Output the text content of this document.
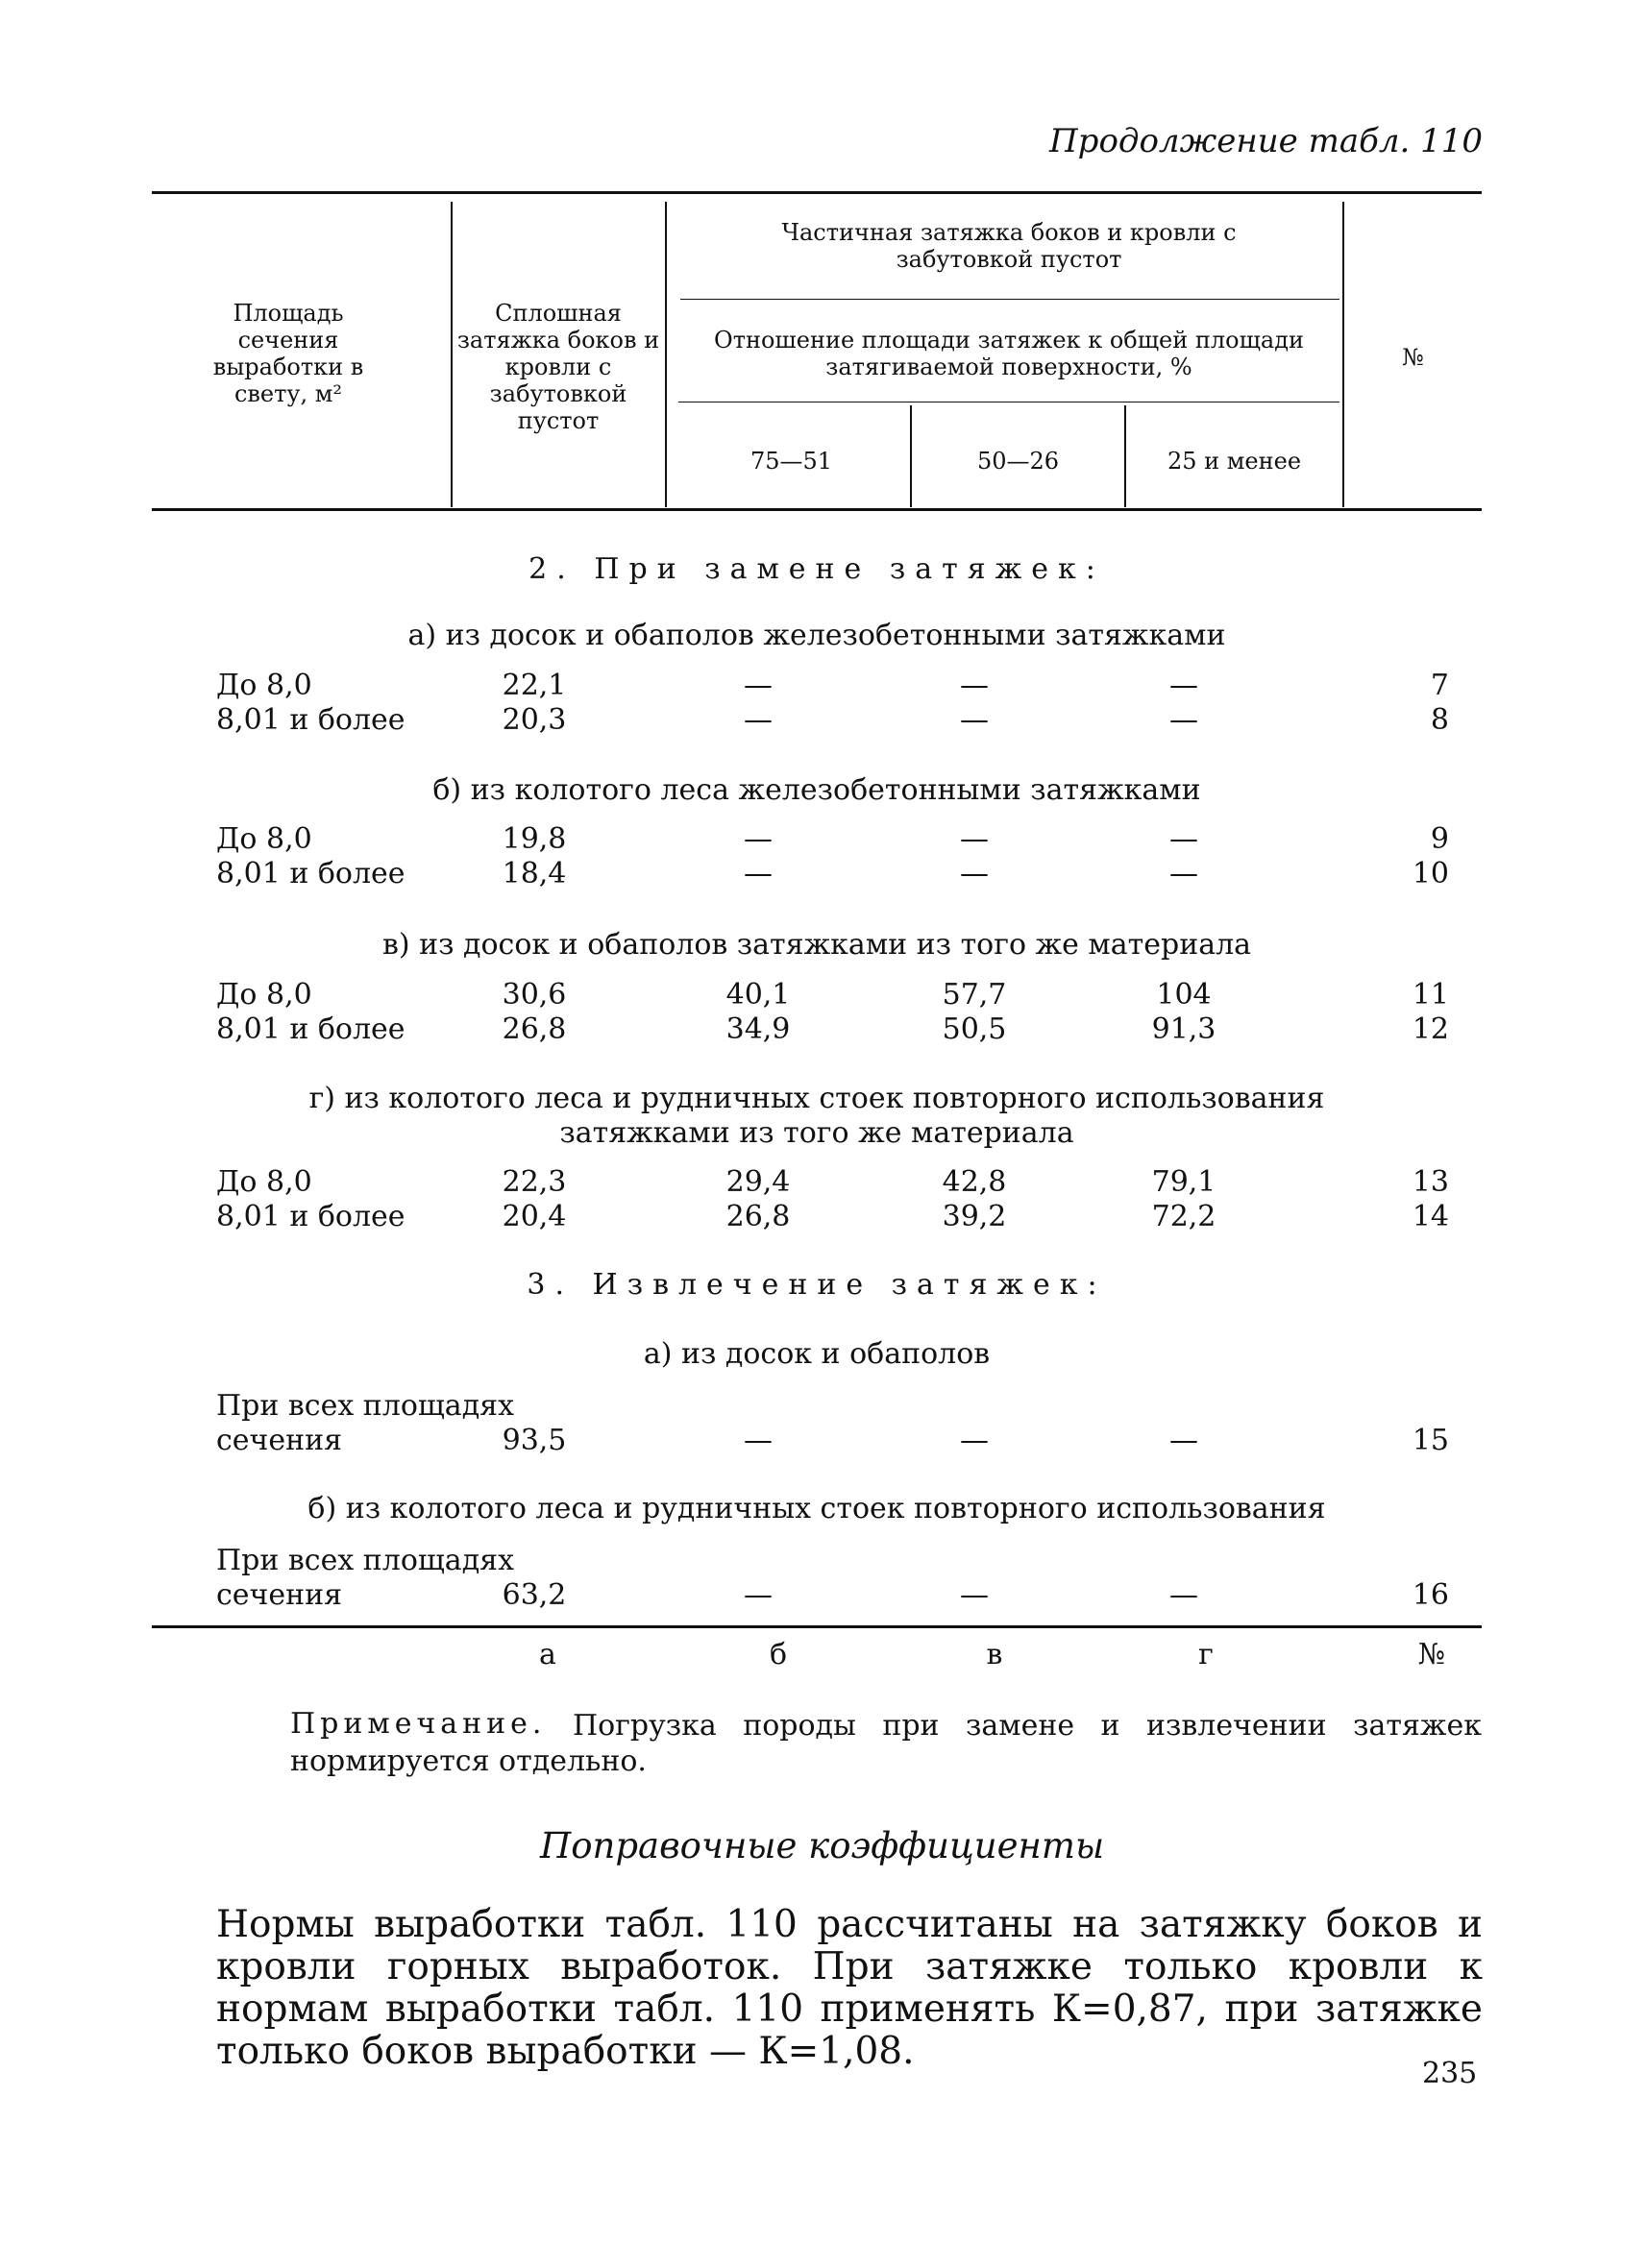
Продолжение табл. 110
Площадь сечения выработки в свету, м²
Сплошная затяжка боков и кровли с забутовкой пустот
Частичная затяжка боков и кровли с забутовкой пустот
Отношение площади затяжек к общей площади затягиваемой поверхности, %
75—51	50—26	25 и менее
№
2. При замене затяжек:
а) из досок и обаполов железобетонными затяжками
До 8,0	22,1	—	—	—	7
8,01 и более	20,3	—	—	—	8
б) из колотого леса железобетонными затяжками
До 8,0	19,8	—	—	—	9
8,01 и более	18,4	—	—	—	10
в) из досок и обаполов затяжками из того же материала
До 8,0	30,6	40,1	57,7	104	11
8,01 и более	26,8	34,9	50,5	91,3	12
г) из колотого леса и рудничных стоек повторного использования
затяжками из того же материала
До 8,0	22,3	29,4	42,8	79,1	13
8,01 и более	20,4	26,8	39,2	72,2	14
3. Извлечение затяжек:
а) из досок и обаполов
При всех площадях
сечения	93,5	—	—	—	15
б) из колотого леса и рудничных стоек повторного использования
При всех площадях
сечения	63,2	—	—	—	16
а	б	в	г	№
Примечание. Погрузка породы при замене и извлечении затяжек нормируется отдельно.
Поправочные коэффициенты
Нормы выработки табл. 110 рассчитаны на затяжку боков и кровли горных выработок. При затяжке только кровли к нормам выработки табл. 110 применять К=0,87, при затяжке только боков выработки — К=1,08.
235
